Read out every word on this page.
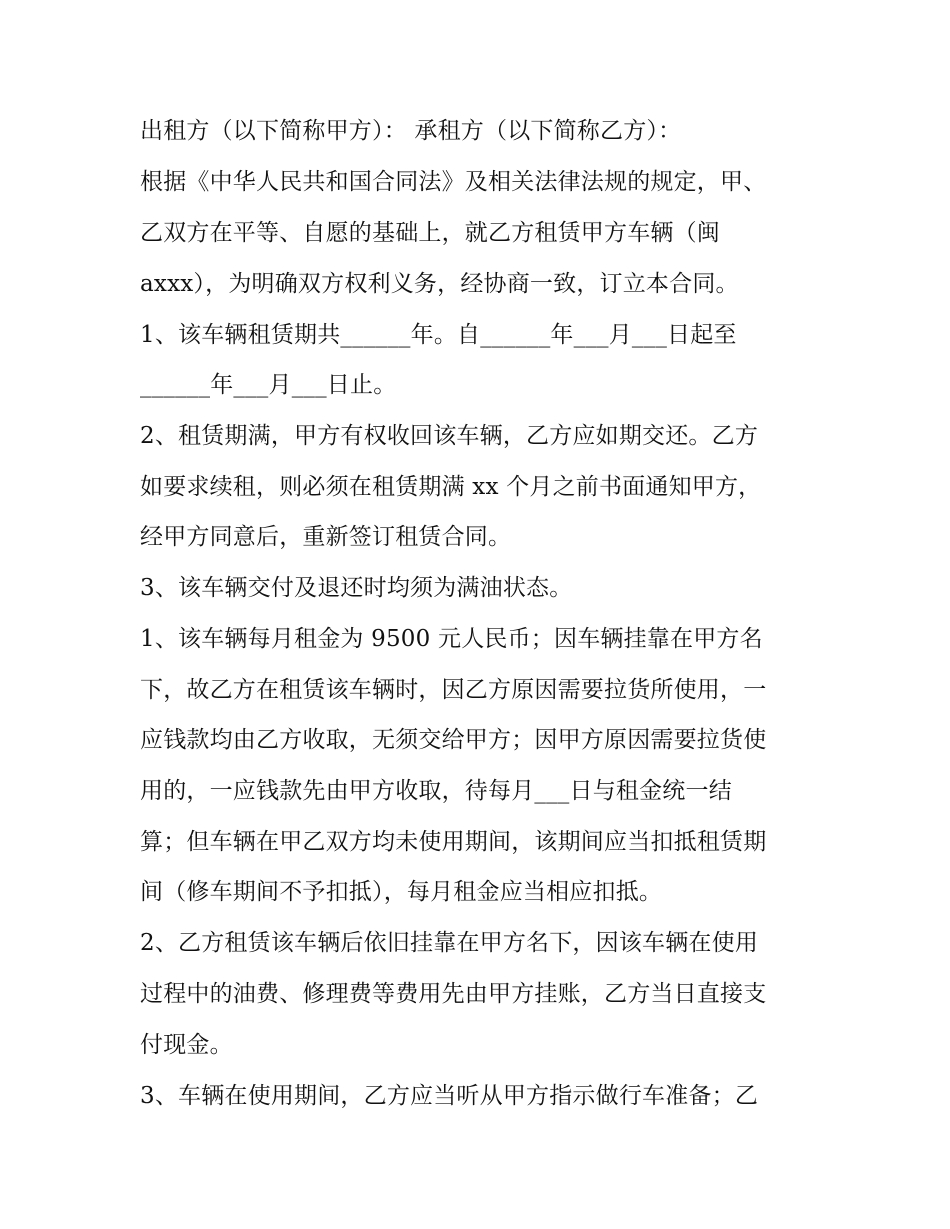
出租方（以下简称甲方）： 承租方（以下简称乙方）：
根据《中华人民共和国合同法》及相关法律法规的规定，甲、
乙双方在平等、自愿的基础上，就乙方租赁甲方车辆（闽
axxx），为明确双方权利义务，经协商一致，订立本合同。
1、该车辆租赁期共______年。自______年___月___日起至
______年___月___日止。
2、租赁期满，甲方有权收回该车辆，乙方应如期交还。乙方
如要求续租，则必须在租赁期满 xx 个月之前书面通知甲方，
经甲方同意后，重新签订租赁合同。
3、该车辆交付及退还时均须为满油状态。
1、该车辆每月租金为 9500 元人民币；因车辆挂靠在甲方名
下，故乙方在租赁该车辆时，因乙方原因需要拉货所使用，一
应钱款均由乙方收取，无须交给甲方；因甲方原因需要拉货使
用的，一应钱款先由甲方收取，待每月___日与租金统一结
算；但车辆在甲乙双方均未使用期间，该期间应当扣抵租赁期
间（修车期间不予扣抵），每月租金应当相应扣抵。
2、乙方租赁该车辆后依旧挂靠在甲方名下，因该车辆在使用
过程中的油费、修理费等费用先由甲方挂账，乙方当日直接支
付现金。
3、车辆在使用期间，乙方应当听从甲方指示做行车准备；乙
